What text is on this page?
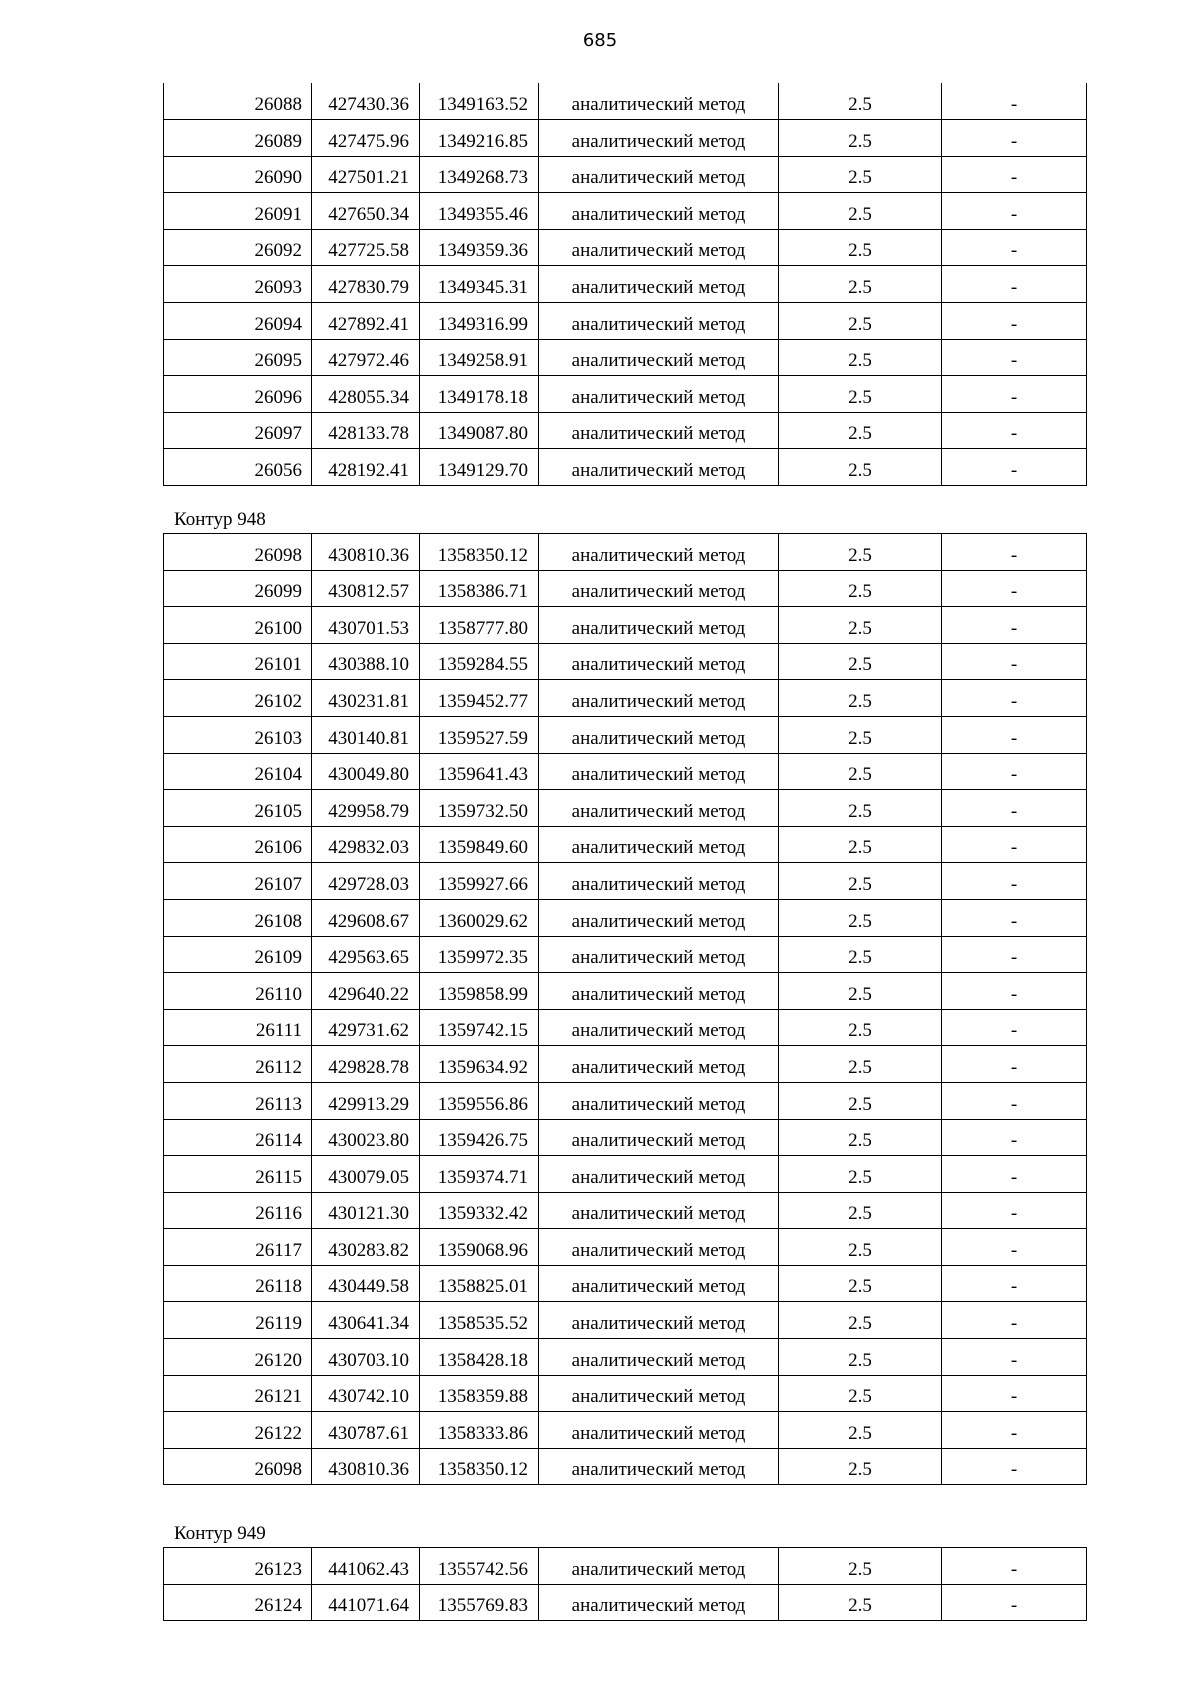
685
26088	427430.36	1349163.52	аналитический метод	2.5	-
26089	427475.96	1349216.85	аналитический метод	2.5	-
26090	427501.21	1349268.73	аналитический метод	2.5	-
26091	427650.34	1349355.46	аналитический метод	2.5	-
26092	427725.58	1349359.36	аналитический метод	2.5	-
26093	427830.79	1349345.31	аналитический метод	2.5	-
26094	427892.41	1349316.99	аналитический метод	2.5	-
26095	427972.46	1349258.91	аналитический метод	2.5	-
26096	428055.34	1349178.18	аналитический метод	2.5	-
26097	428133.78	1349087.80	аналитический метод	2.5	-
26056	428192.41	1349129.70	аналитический метод	2.5	-
Контур 948
26098	430810.36	1358350.12	аналитический метод	2.5	-
26099	430812.57	1358386.71	аналитический метод	2.5	-
26100	430701.53	1358777.80	аналитический метод	2.5	-
26101	430388.10	1359284.55	аналитический метод	2.5	-
26102	430231.81	1359452.77	аналитический метод	2.5	-
26103	430140.81	1359527.59	аналитический метод	2.5	-
26104	430049.80	1359641.43	аналитический метод	2.5	-
26105	429958.79	1359732.50	аналитический метод	2.5	-
26106	429832.03	1359849.60	аналитический метод	2.5	-
26107	429728.03	1359927.66	аналитический метод	2.5	-
26108	429608.67	1360029.62	аналитический метод	2.5	-
26109	429563.65	1359972.35	аналитический метод	2.5	-
26110	429640.22	1359858.99	аналитический метод	2.5	-
26111	429731.62	1359742.15	аналитический метод	2.5	-
26112	429828.78	1359634.92	аналитический метод	2.5	-
26113	429913.29	1359556.86	аналитический метод	2.5	-
26114	430023.80	1359426.75	аналитический метод	2.5	-
26115	430079.05	1359374.71	аналитический метод	2.5	-
26116	430121.30	1359332.42	аналитический метод	2.5	-
26117	430283.82	1359068.96	аналитический метод	2.5	-
26118	430449.58	1358825.01	аналитический метод	2.5	-
26119	430641.34	1358535.52	аналитический метод	2.5	-
26120	430703.10	1358428.18	аналитический метод	2.5	-
26121	430742.10	1358359.88	аналитический метод	2.5	-
26122	430787.61	1358333.86	аналитический метод	2.5	-
26098	430810.36	1358350.12	аналитический метод	2.5	-
Контур 949
26123	441062.43	1355742.56	аналитический метод	2.5	-
26124	441071.64	1355769.83	аналитический метод	2.5	-
